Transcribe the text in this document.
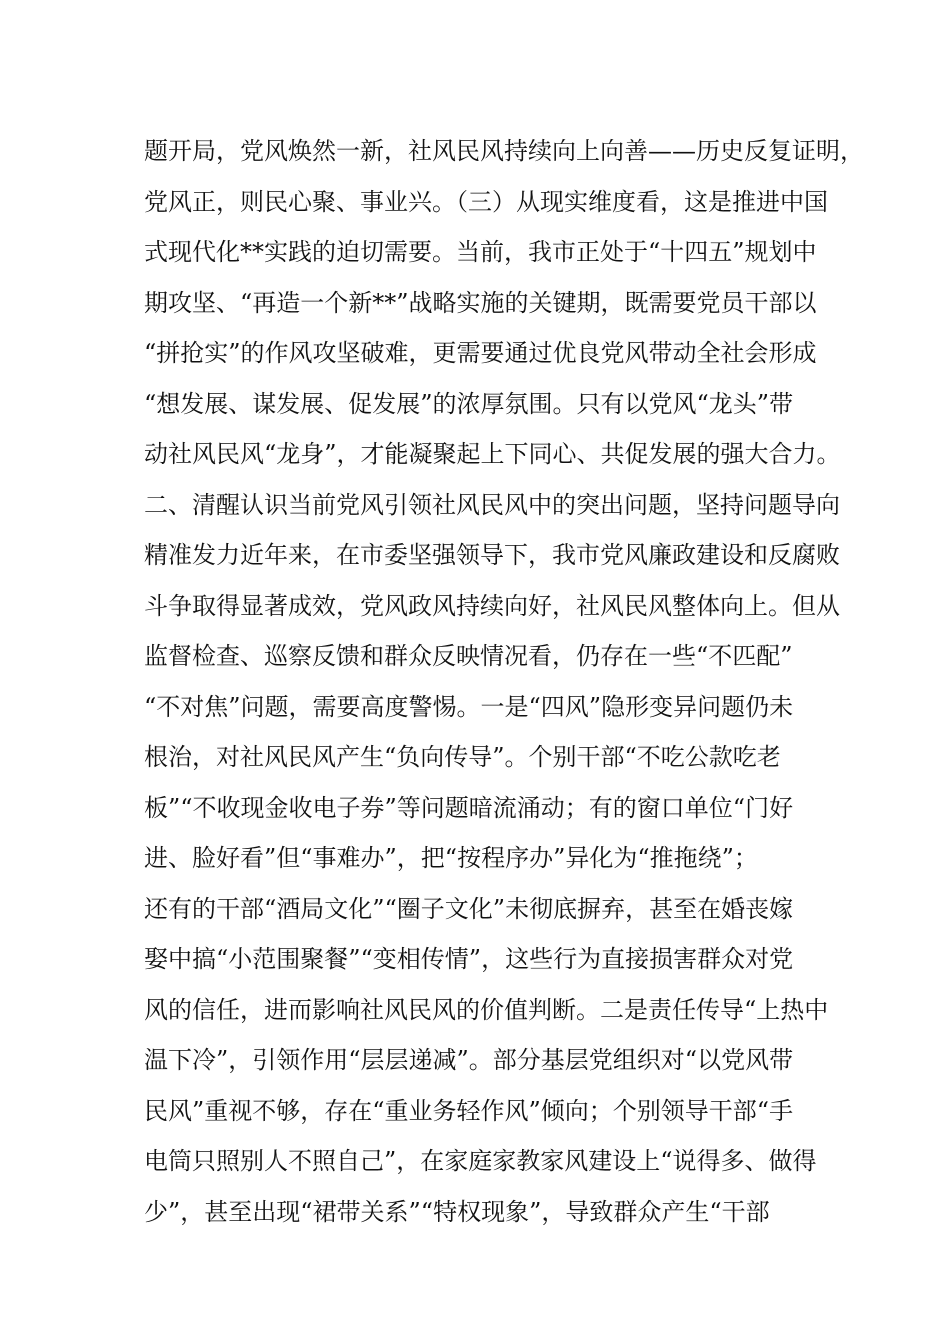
题开局，党风焕然一新，社风民风持续向上向善——历史反复证明，
党风正，则民心聚、事业兴。（三）从现实维度看，这是推进中国
式现代化**实践的迫切需要。当前，我市正处于“十四五”规划中
期攻坚、“再造一个新**”战略实施的关键期，既需要党员干部以
“拼抢实”的作风攻坚破难，更需要通过优良党风带动全社会形成
“想发展、谋发展、促发展”的浓厚氛围。只有以党风“龙头”带
动社风民风“龙身”，才能凝聚起上下同心、共促发展的强大合力。
二、清醒认识当前党风引领社风民风中的突出问题，坚持问题导向
精准发力近年来，在市委坚强领导下，我市党风廉政建设和反腐败
斗争取得显著成效，党风政风持续向好，社风民风整体向上。但从
监督检查、巡察反馈和群众反映情况看，仍存在一些“不匹配”
“不对焦”问题，需要高度警惕。一是“四风”隐形变异问题仍未
根治，对社风民风产生“负向传导”。个别干部“不吃公款吃老
板”“不收现金收电子券”等问题暗流涌动；有的窗口单位“门好
进、脸好看”但“事难办”，把“按程序办”异化为“推拖绕”；
还有的干部“酒局文化”“圈子文化”未彻底摒弃，甚至在婚丧嫁
娶中搞“小范围聚餐”“变相传情”，这些行为直接损害群众对党
风的信任，进而影响社风民风的价值判断。二是责任传导“上热中
温下冷”，引领作用“层层递减”。部分基层党组织对“以党风带
民风”重视不够，存在“重业务轻作风”倾向；个别领导干部“手
电筒只照别人不照自己”，在家庭家教家风建设上“说得多、做得
少”，甚至出现“裙带关系”“特权现象”，导致群众产生“干部
